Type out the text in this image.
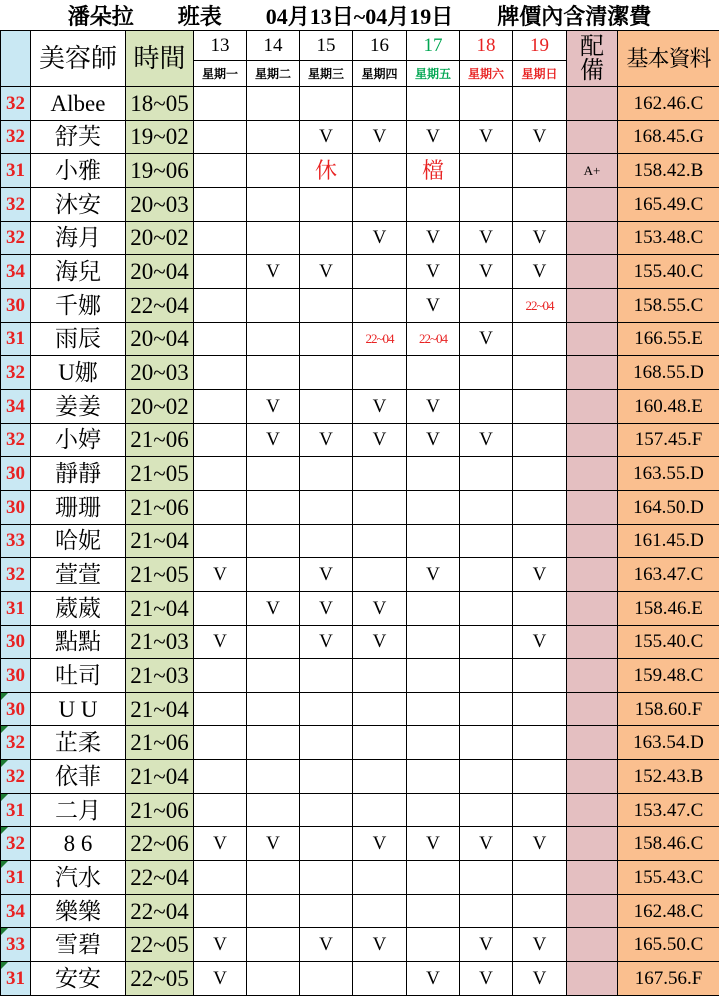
潘朵拉　　班表　　04月13日~04月19日　　牌價內含清潔費
	美容師	時間	13	14	15	16	17	18	19	配 備	基本資料
			星期一	星期二	星期三	星期四	星期五	星期六	星期日		
32	Albee	18~05									162.46.C
32	舒芙	19~02			V	V	V	V	V		168.45.G
31	小雅	19~06			休		檔			A+	158.42.B
32	沐安	20~03									165.49.C
32	海月	20~02				V	V	V	V		153.48.C
34	海兒	20~04		V	V		V	V	V		155.40.C
30	千娜	22~04					V		22~04		158.55.C
31	雨辰	20~04				22~04	22~04	V			166.55.E
32	U娜	20~03									168.55.D
34	姜姜	20~02		V		V	V				160.48.E
32	小婷	21~06		V	V	V	V	V			157.45.F
30	靜靜	21~05									163.55.D
30	珊珊	21~06									164.50.D
33	哈妮	21~04									161.45.D
32	萱萱	21~05	V		V		V		V		163.47.C
31	葳葳	21~04		V	V	V					158.46.E
30	點點	21~03	V		V	V			V		155.40.C
30	吐司	21~03									159.48.C

30	U U	21~04									158.60.F

32	芷柔	21~06									163.54.D

32	依菲	21~04									152.43.B

31	二月	21~06									153.47.C

32	8 6	22~06	V	V		V	V	V	V		158.46.C

31	汽水	22~04									155.43.C
34	樂樂	22~04									162.48.C

33	雪碧	22~05	V		V	V		V	V		165.50.C

31	安安	22~05	V				V	V	V		167.56.F
